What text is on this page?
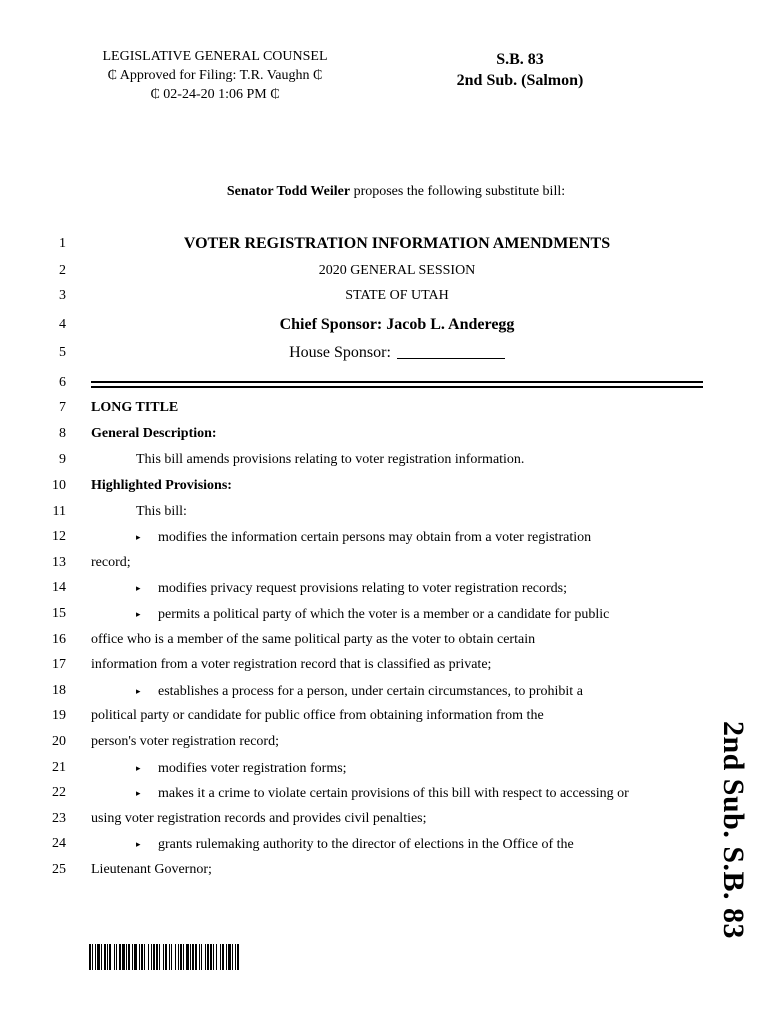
LEGISLATIVE GENERAL COUNSEL
₵ Approved for Filing: T.R. Vaughn ₵
₵ 02-24-20 1:06 PM ₵
S.B. 83
2nd Sub. (Salmon)
Senator Todd Weiler proposes the following substitute bill:
1	VOTER REGISTRATION INFORMATION AMENDMENTS
2	2020 GENERAL SESSION
3	STATE OF UTAH
4	Chief Sponsor: Jacob L. Anderegg
5	House Sponsor:
6
7 LONG TITLE
8 General Description:
9	This bill amends provisions relating to voter registration information.
10 Highlighted Provisions:
11	This bill:
12	▸ modifies the information certain persons may obtain from a voter registration
13 record;
14	▸ modifies privacy request provisions relating to voter registration records;
15	▸ permits a political party of which the voter is a member or a candidate for public
16 office who is a member of the same political party as the voter to obtain certain
17 information from a voter registration record that is classified as private;
18	▸ establishes a process for a person, under certain circumstances, to prohibit a
19 political party or candidate for public office from obtaining information from the
20 person's voter registration record;
21	▸ modifies voter registration forms;
22	▸ makes it a crime to violate certain provisions of this bill with respect to accessing or
23 using voter registration records and provides civil penalties;
24	▸ grants rulemaking authority to the director of elections in the Office of the
25 Lieutenant Governor;	2nd Sub. S.B. 83
